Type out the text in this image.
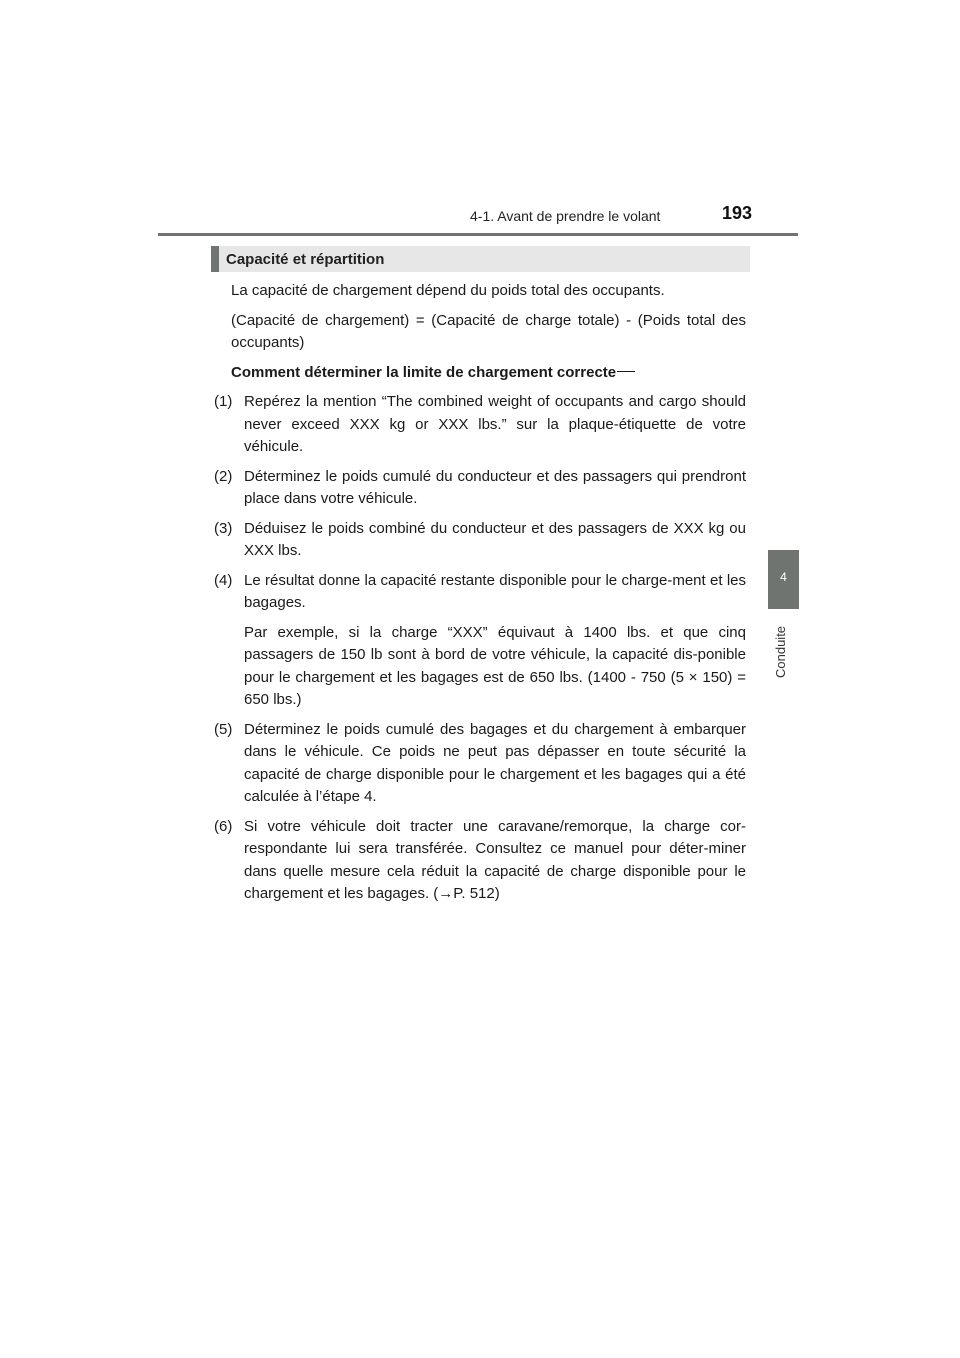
4-1. Avant de prendre le volant	193
4
Conduite
Capacité et répartition

La capacité de chargement dépend du poids total des occupants.

(Capacité de chargement) = (Capacité de charge totale) - (Poids total des occupants)

Comment déterminer la limite de chargement correcte

(1) Repérez la mention “The combined weight of occupants and cargo should never exceed XXX kg or XXX lbs.” sur la plaque-étiquette de votre véhicule.
(2) Déterminez le poids cumulé du conducteur et des passagers qui prendront place dans votre véhicule.
(3) Déduisez le poids combiné du conducteur et des passagers de XXX kg ou XXX lbs.
(4) Le résultat donne la capacité restante disponible pour le charge-ment et les bagages.

Par exemple, si la charge “XXX” équivaut à 1400 lbs. et que cinq passagers de 150 lb sont à bord de votre véhicule, la capacité dis-ponible pour le chargement et les bagages est de 650 lbs. (1400 - 750 (5 × 150) = 650 lbs.)

(5) Déterminez le poids cumulé des bagages et du chargement à embarquer dans le véhicule. Ce poids ne peut pas dépasser en toute sécurité la capacité de charge disponible pour le chargement et les bagages qui a été calculée à l’étape 4.
(6) Si votre véhicule doit tracter une caravane/remorque, la charge cor-respondante lui sera transférée. Consultez ce manuel pour déter-miner dans quelle mesure cela réduit la capacité de charge disponible pour le chargement et les bagages. (→P. 512)
